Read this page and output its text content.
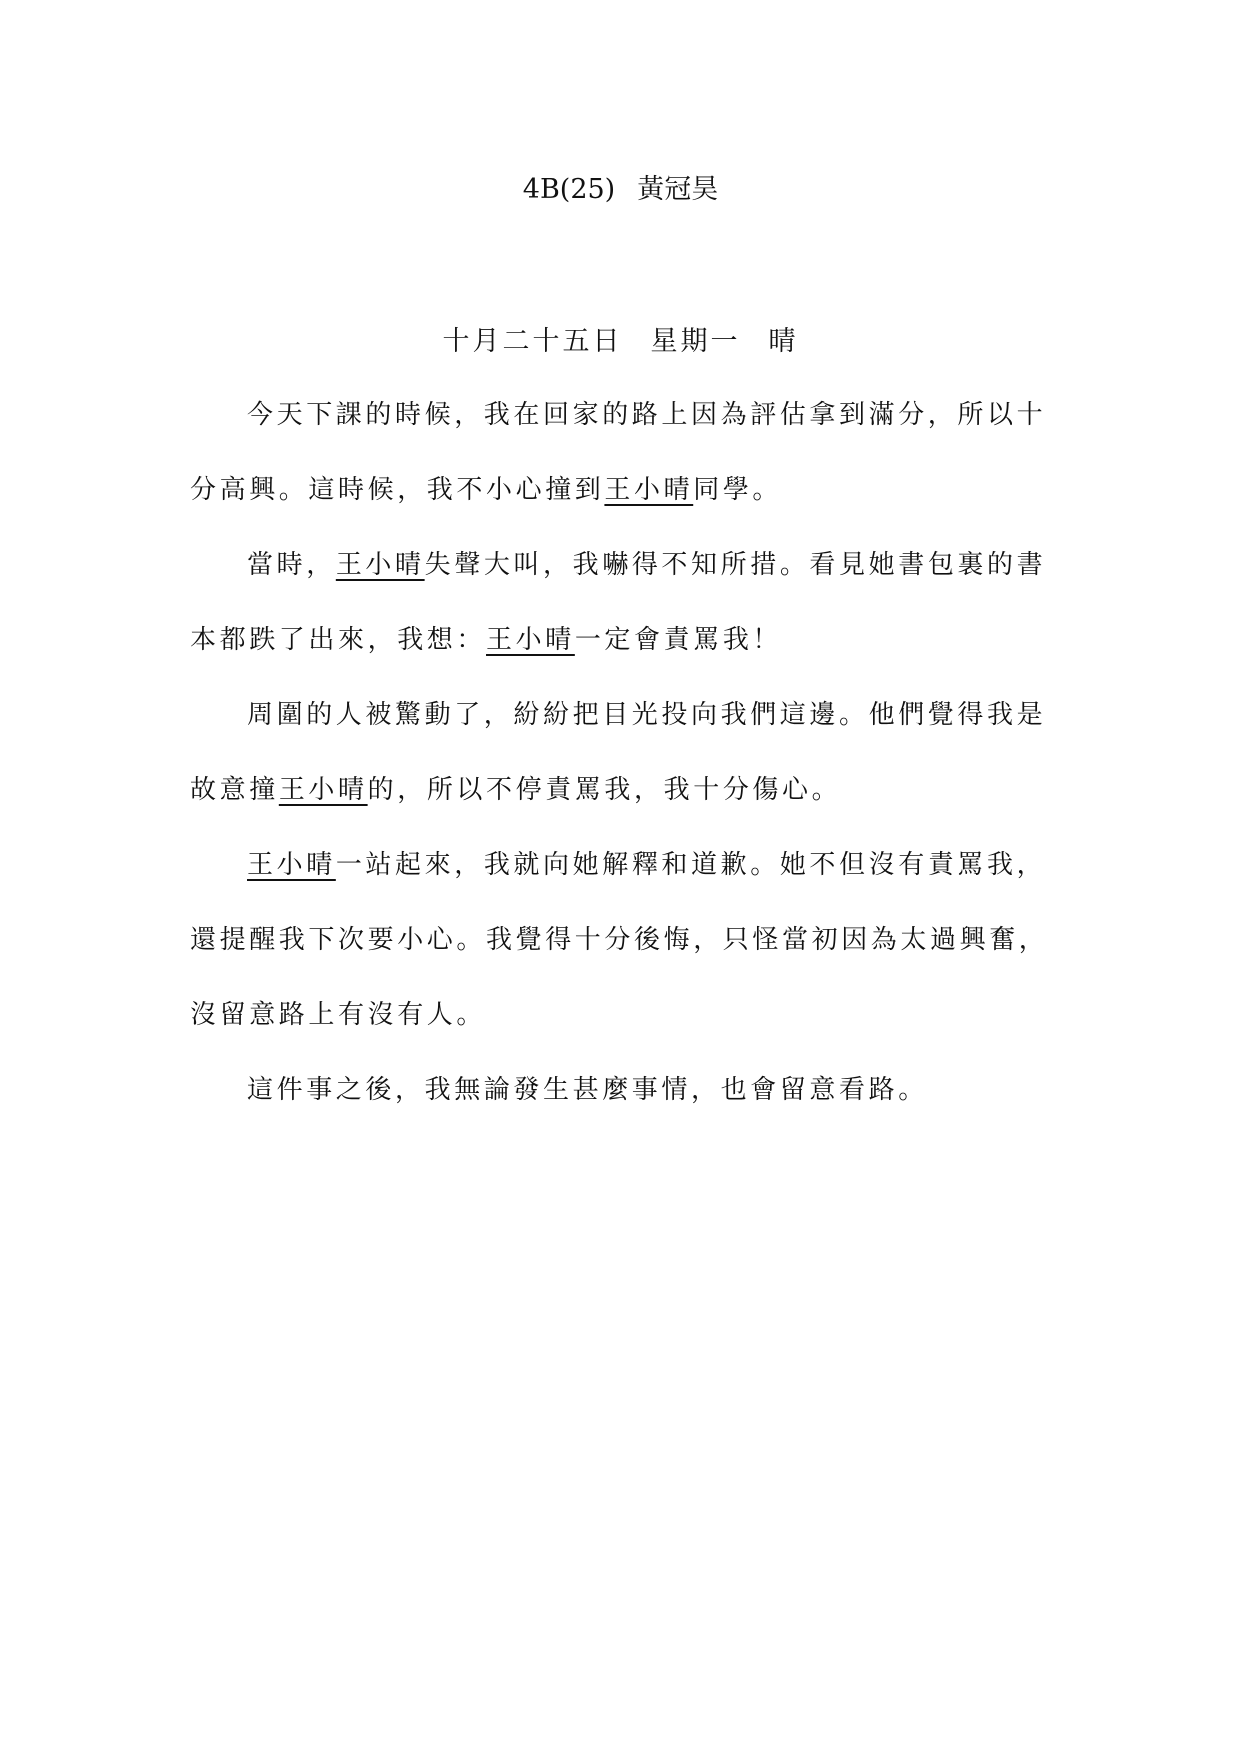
4B(25) 黃冠昊
十月二十五日 星期一 晴
今天下課的時候，我在回家的路上因為評估拿到滿分，所以十
分高興。這時候，我不小心撞到王小晴同學。
當時，王小晴失聲大叫，我嚇得不知所措。看見她書包裏的書
本都跌了出來，我想：王小晴一定會責罵我！
周圍的人被驚動了，紛紛把目光投向我們這邊。他們覺得我是
故意撞王小晴的，所以不停責罵我，我十分傷心。
王小晴一站起來，我就向她解釋和道歉。她不但沒有責罵我，
還提醒我下次要小心。我覺得十分後悔，只怪當初因為太過興奮，
沒留意路上有沒有人。
這件事之後，我無論發生甚麼事情，也會留意看路。
